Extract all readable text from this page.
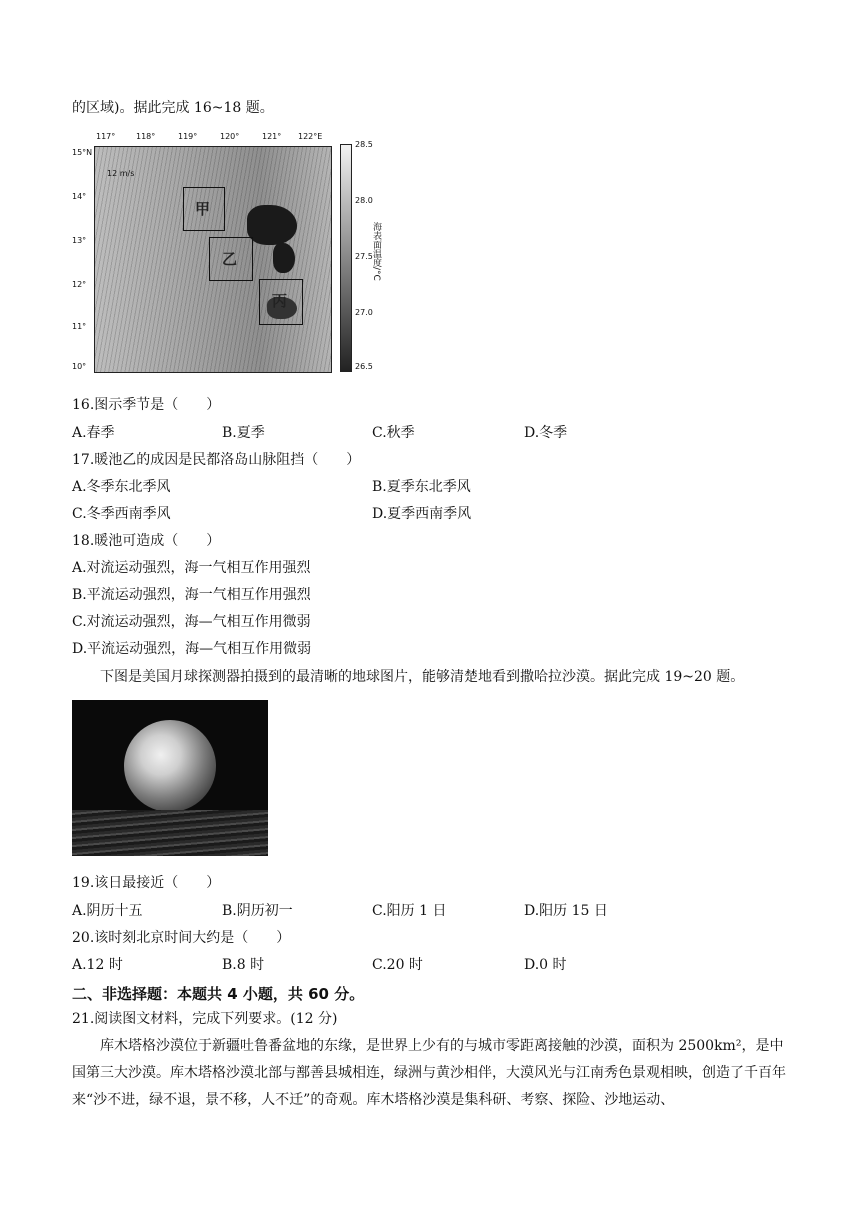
的区域)。据此完成 16~18 题。
117°	118°	119°	120°	121° 122°E
15°N
14°
13°
12°
11°
10°
12 m/s
甲
乙
丙
28.5
28.0
27.5
27.0
26.5
海表面温度/°C
16.图示季节是（　　）
A.春季	B.夏季	C.秋季	D.冬季
17.暖池乙的成因是民都洛岛山脉阻挡（　　）
A.冬季东北季风	B.夏季东北季风
C.冬季西南季风	D.夏季西南季风
18.暖池可造成（　　）
A.对流运动强烈，海一气相互作用强烈
B.平流运动强烈，海一气相互作用强烈
C.对流运动强烈，海—气相互作用微弱
D.平流运动强烈，海—气相互作用微弱
下图是美国月球探测器拍摄到的最清晰的地球图片，能够清楚地看到撒哈拉沙漠。据此完成 19~20 题。
19.该日最接近（　　）
A.阴历十五	B.阴历初一	C.阳历 1 日	D.阳历 15 日
20.该时刻北京时间大约是（　　）
A.12 时	B.8 时	C.20 时	D.0 时
二、非选择题：本题共 4 小题，共 60 分。
21.阅读图文材料，完成下列要求。(12 分)
库木塔格沙漠位于新疆吐鲁番盆地的东缘，是世界上少有的与城市零距离接触的沙漠，面积为 2500km²，是中国第三大沙漠。库木塔格沙漠北部与鄯善县城相连，绿洲与黄沙相伴，大漠风光与江南秀色景观相映，创造了千百年来“沙不进，绿不退，景不移，人不迁”的奇观。库木塔格沙漠是集科研、考察、探险、沙地运动、
